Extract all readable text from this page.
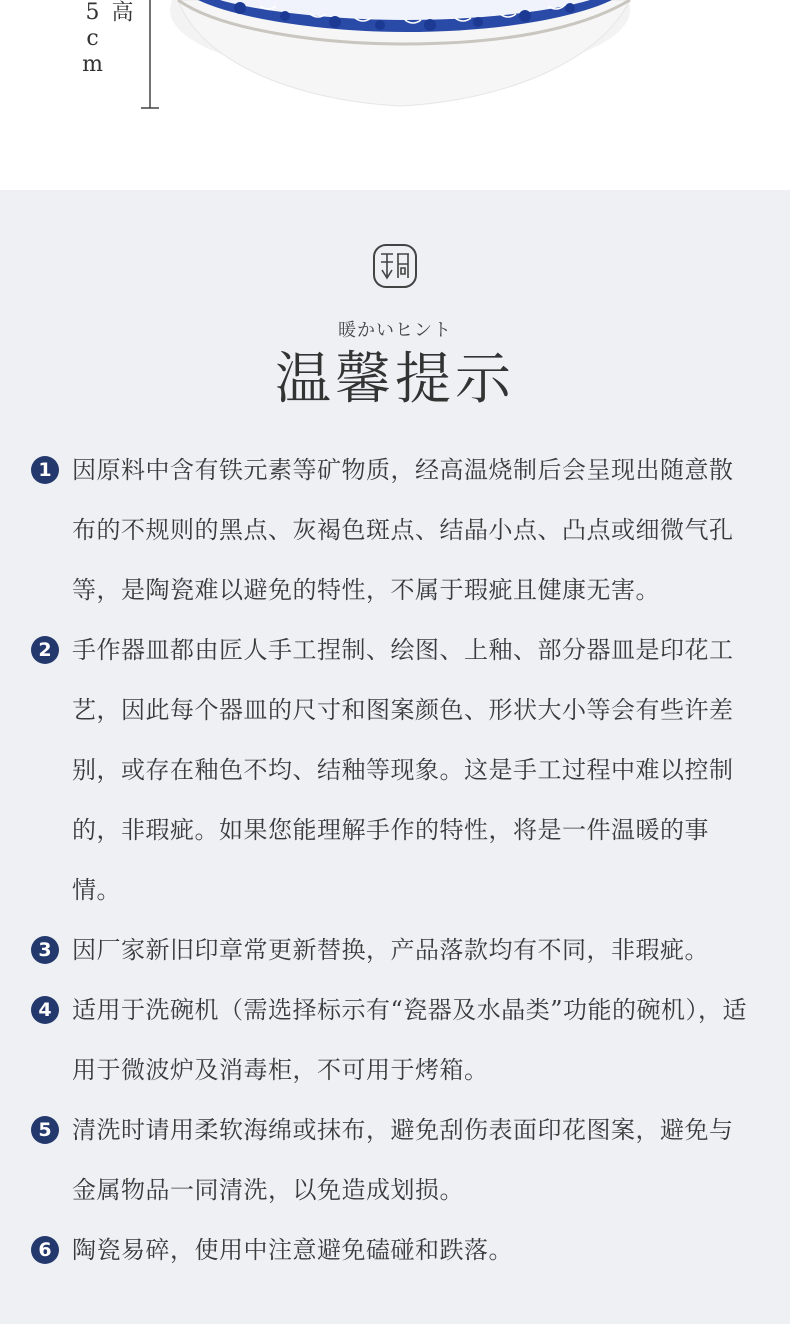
高5cm
暖かいヒント
温馨提示
1 因原料中含有铁元素等矿物质，经高温烧制后会呈现出随意散布的不规则的黑点、灰褐色斑点、结晶小点、凸点或细微气孔等，是陶瓷难以避免的特性，不属于瑕疵且健康无害。
2 手作器皿都由匠人手工捏制、绘图、上釉、部分器皿是印花工艺，因此每个器皿的尺寸和图案颜色、形状大小等会有些许差别，或存在釉色不均、结釉等现象。这是手工过程中难以控制的，非瑕疵。如果您能理解手作的特性，将是一件温暖的事情。
3 因厂家新旧印章常更新替换，产品落款均有不同，非瑕疵。
4 适用于洗碗机（需选择标示有“瓷器及水晶类”功能的碗机），适用于微波炉及消毒柜，不可用于烤箱。
5 清洗时请用柔软海绵或抹布，避免刮伤表面印花图案，避免与金属物品一同清洗，以免造成划损。
6 陶瓷易碎，使用中注意避免磕碰和跌落。
